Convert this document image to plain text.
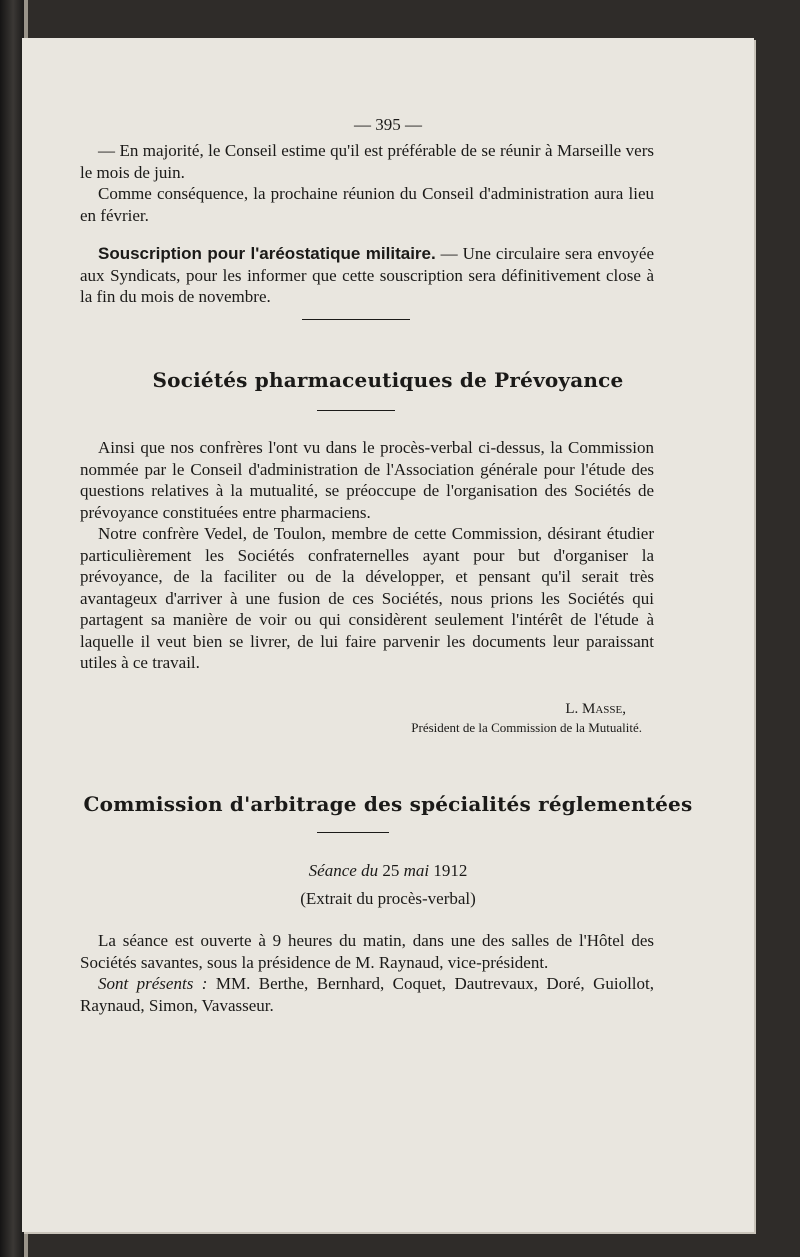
— 395 —

— En majorité, le Conseil estime qu'il est préférable de se réunir à Marseille vers le mois de juin.

Comme conséquence, la prochaine réunion du Conseil d'administration aura lieu en février.

Souscription pour l'aréostatique militaire. — Une circulaire sera envoyée aux Syndicats, pour les informer que cette souscription sera définitivement close à la fin du mois de novembre.

Sociétés pharmaceutiques de Prévoyance

Ainsi que nos confrères l'ont vu dans le procès-verbal ci-dessus, la Commission nommée par le Conseil d'administration de l'Association générale pour l'étude des questions relatives à la mutualité, se préoccupe de l'organisation des Sociétés de prévoyance constituées entre pharmaciens.

Notre confrère Vedel, de Toulon, membre de cette Commission, désirant étudier particulièrement les Sociétés confraternelles ayant pour but d'organiser la prévoyance, de la faciliter ou de la développer, et pensant qu'il serait très avantageux d'arriver à une fusion de ces Sociétés, nous prions les Sociétés qui partagent sa manière de voir ou qui considèrent seulement l'intérêt de l'étude à laquelle il veut bien se livrer, de lui faire parvenir les documents leur paraissant utiles à ce travail.

L. Masse,
Président de la Commission de la Mutualité.
Commission d'arbitrage des spécialités réglementées
Séance du 25 mai 1912
(Extrait du procès-verbal)

La séance est ouverte à 9 heures du matin, dans une des salles de l'Hôtel des Sociétés savantes, sous la présidence de M. Raynaud, vice-président.

Sont présents : MM. Berthe, Bernhard, Coquet, Dautrevaux, Doré, Guiollot, Raynaud, Simon, Vavasseur.
